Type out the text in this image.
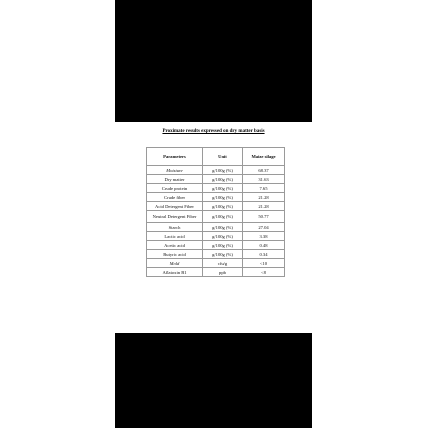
Proximate results expressed on dry matter basis
Parameters	Unit	Maize silage
Moisture	g/100g (%)	68.37
Dry matter	g/100g (%)	31.63
Crude protein	g/100g (%)	7.65
Crude fiber	g/100g (%)	21.28
Acid Detergent Fiber	g/100g (%)	21.28
Neutral Detergent Fiber	g/100g (%)	50.77
Starch	g/100g (%)	27.04
Lactic acid	g/100g (%)	3.38
Acetic acid	g/100g (%)	0.48
Butyric acid	g/100g (%)	0.34
Mold	cfu/g	<10
Aflatoxin B1	ppb	<8
